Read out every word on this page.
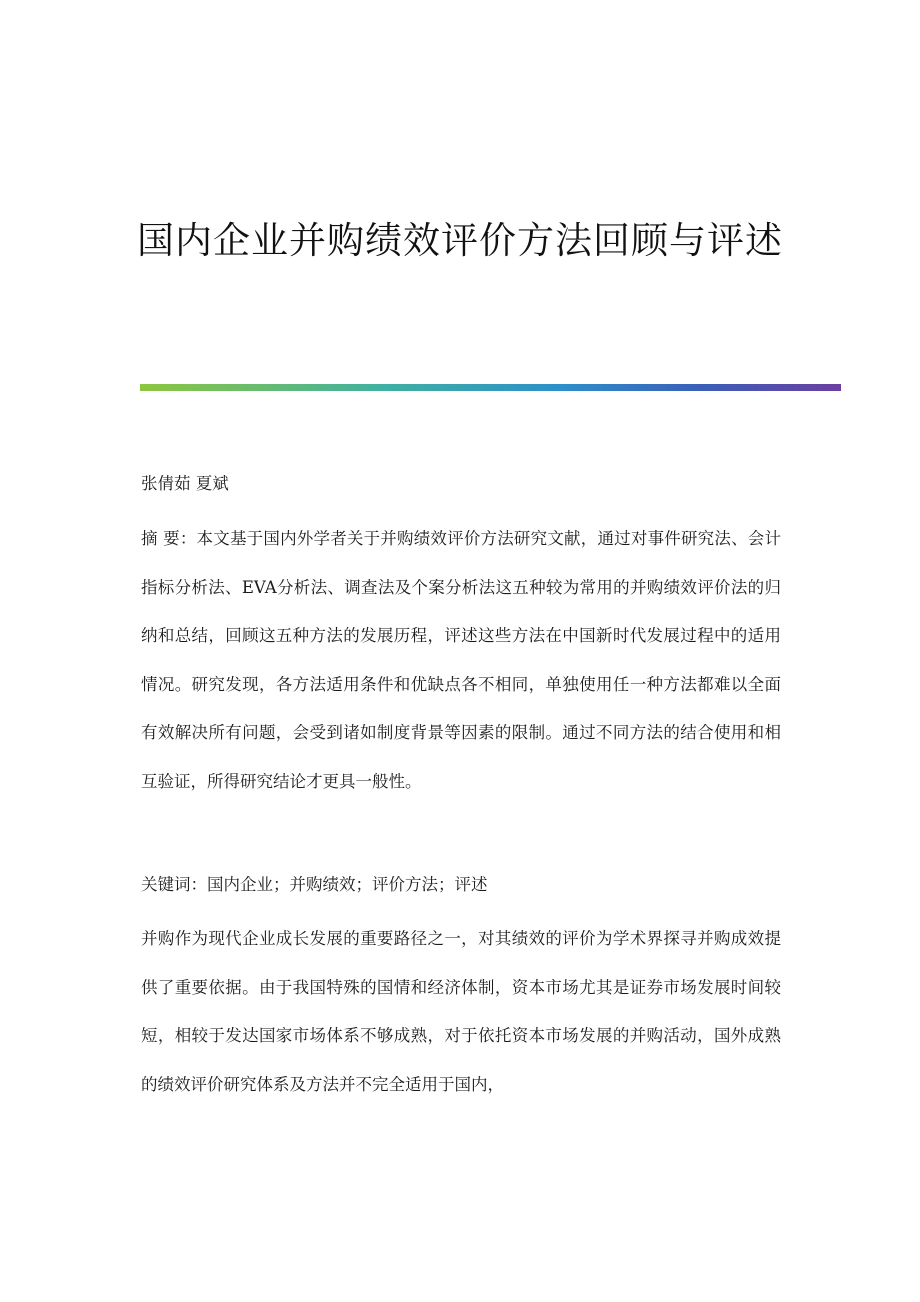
国内企业并购绩效评价方法回顾与评述

张倩茹 夏斌

摘 要：本文基于国内外学者关于并购绩效评价方法研究文献，通过对事件研究法、会计指标分析法、EVA分析法、调查法及个案分析法这五种较为常用的并购绩效评价法的归纳和总结，回顾这五种方法的发展历程，评述这些方法在中国新时代发展过程中的适用情况。研究发现，各方法适用条件和优缺点各不相同，单独使用任一种方法都难以全面有效解决所有问题，会受到诸如制度背景等因素的限制。通过不同方法的结合使用和相互验证，所得研究结论才更具一般性。

关键词：国内企业；并购绩效；评价方法；评述

并购作为现代企业成长发展的重要路径之一，对其绩效的评价为学术界探寻并购成效提供了重要依据。由于我国特殊的国情和经济体制，资本市场尤其是证券市场发展时间较短，相较于发达国家市场体系不够成熟，对于依托资本市场发展的并购活动，国外成熟的绩效评价研究体系及方法并不完全适用于国内，
